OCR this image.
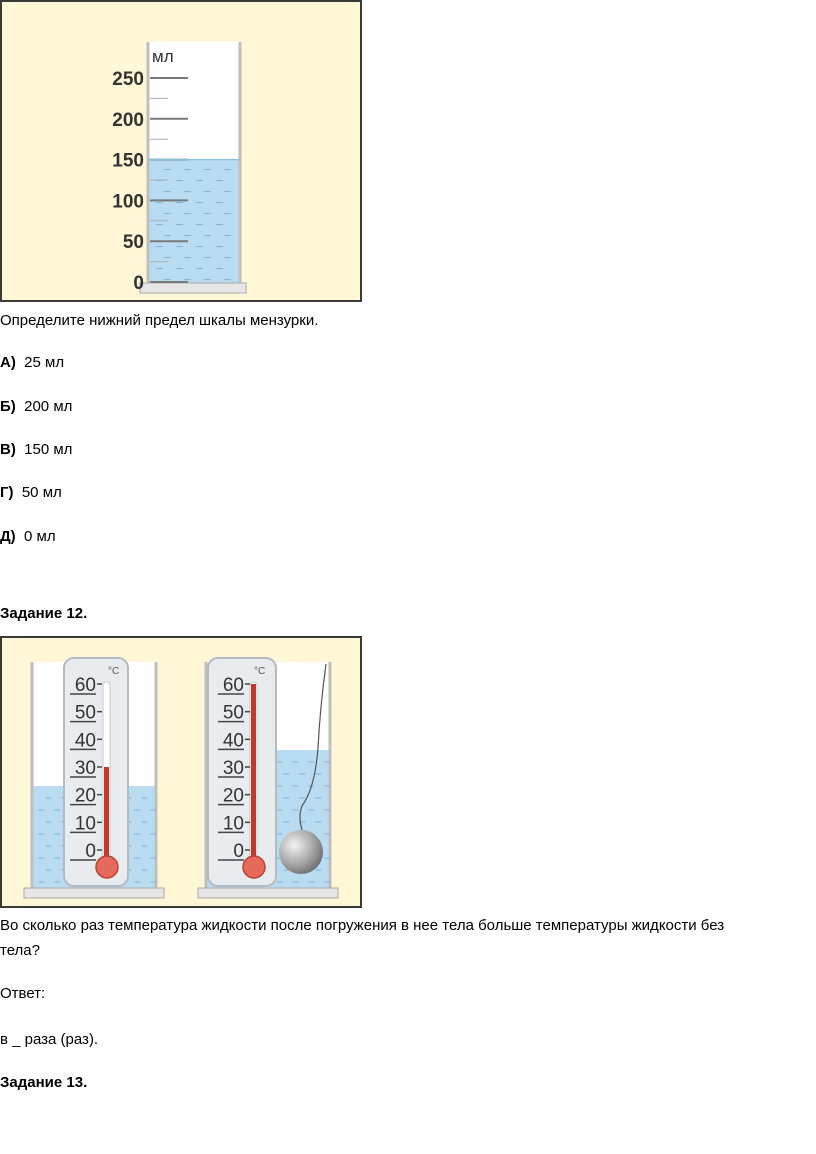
250
200
150
100
50
0
мл
Определите нижний предел шкалы мензурки.
А) 25 мл
Б) 200 мл
В) 150 мл
Г) 50 мл
Д) 0 мл
Задание 12.
°C	°C
60
50
40
30
20
10
0
60
50
40
30
20
10
0
Во сколько раз температура жидкости после погружения в нее тела больше температуры жидкости без
тела?
Ответ:
в _ раза (раз).
Задание 13.
